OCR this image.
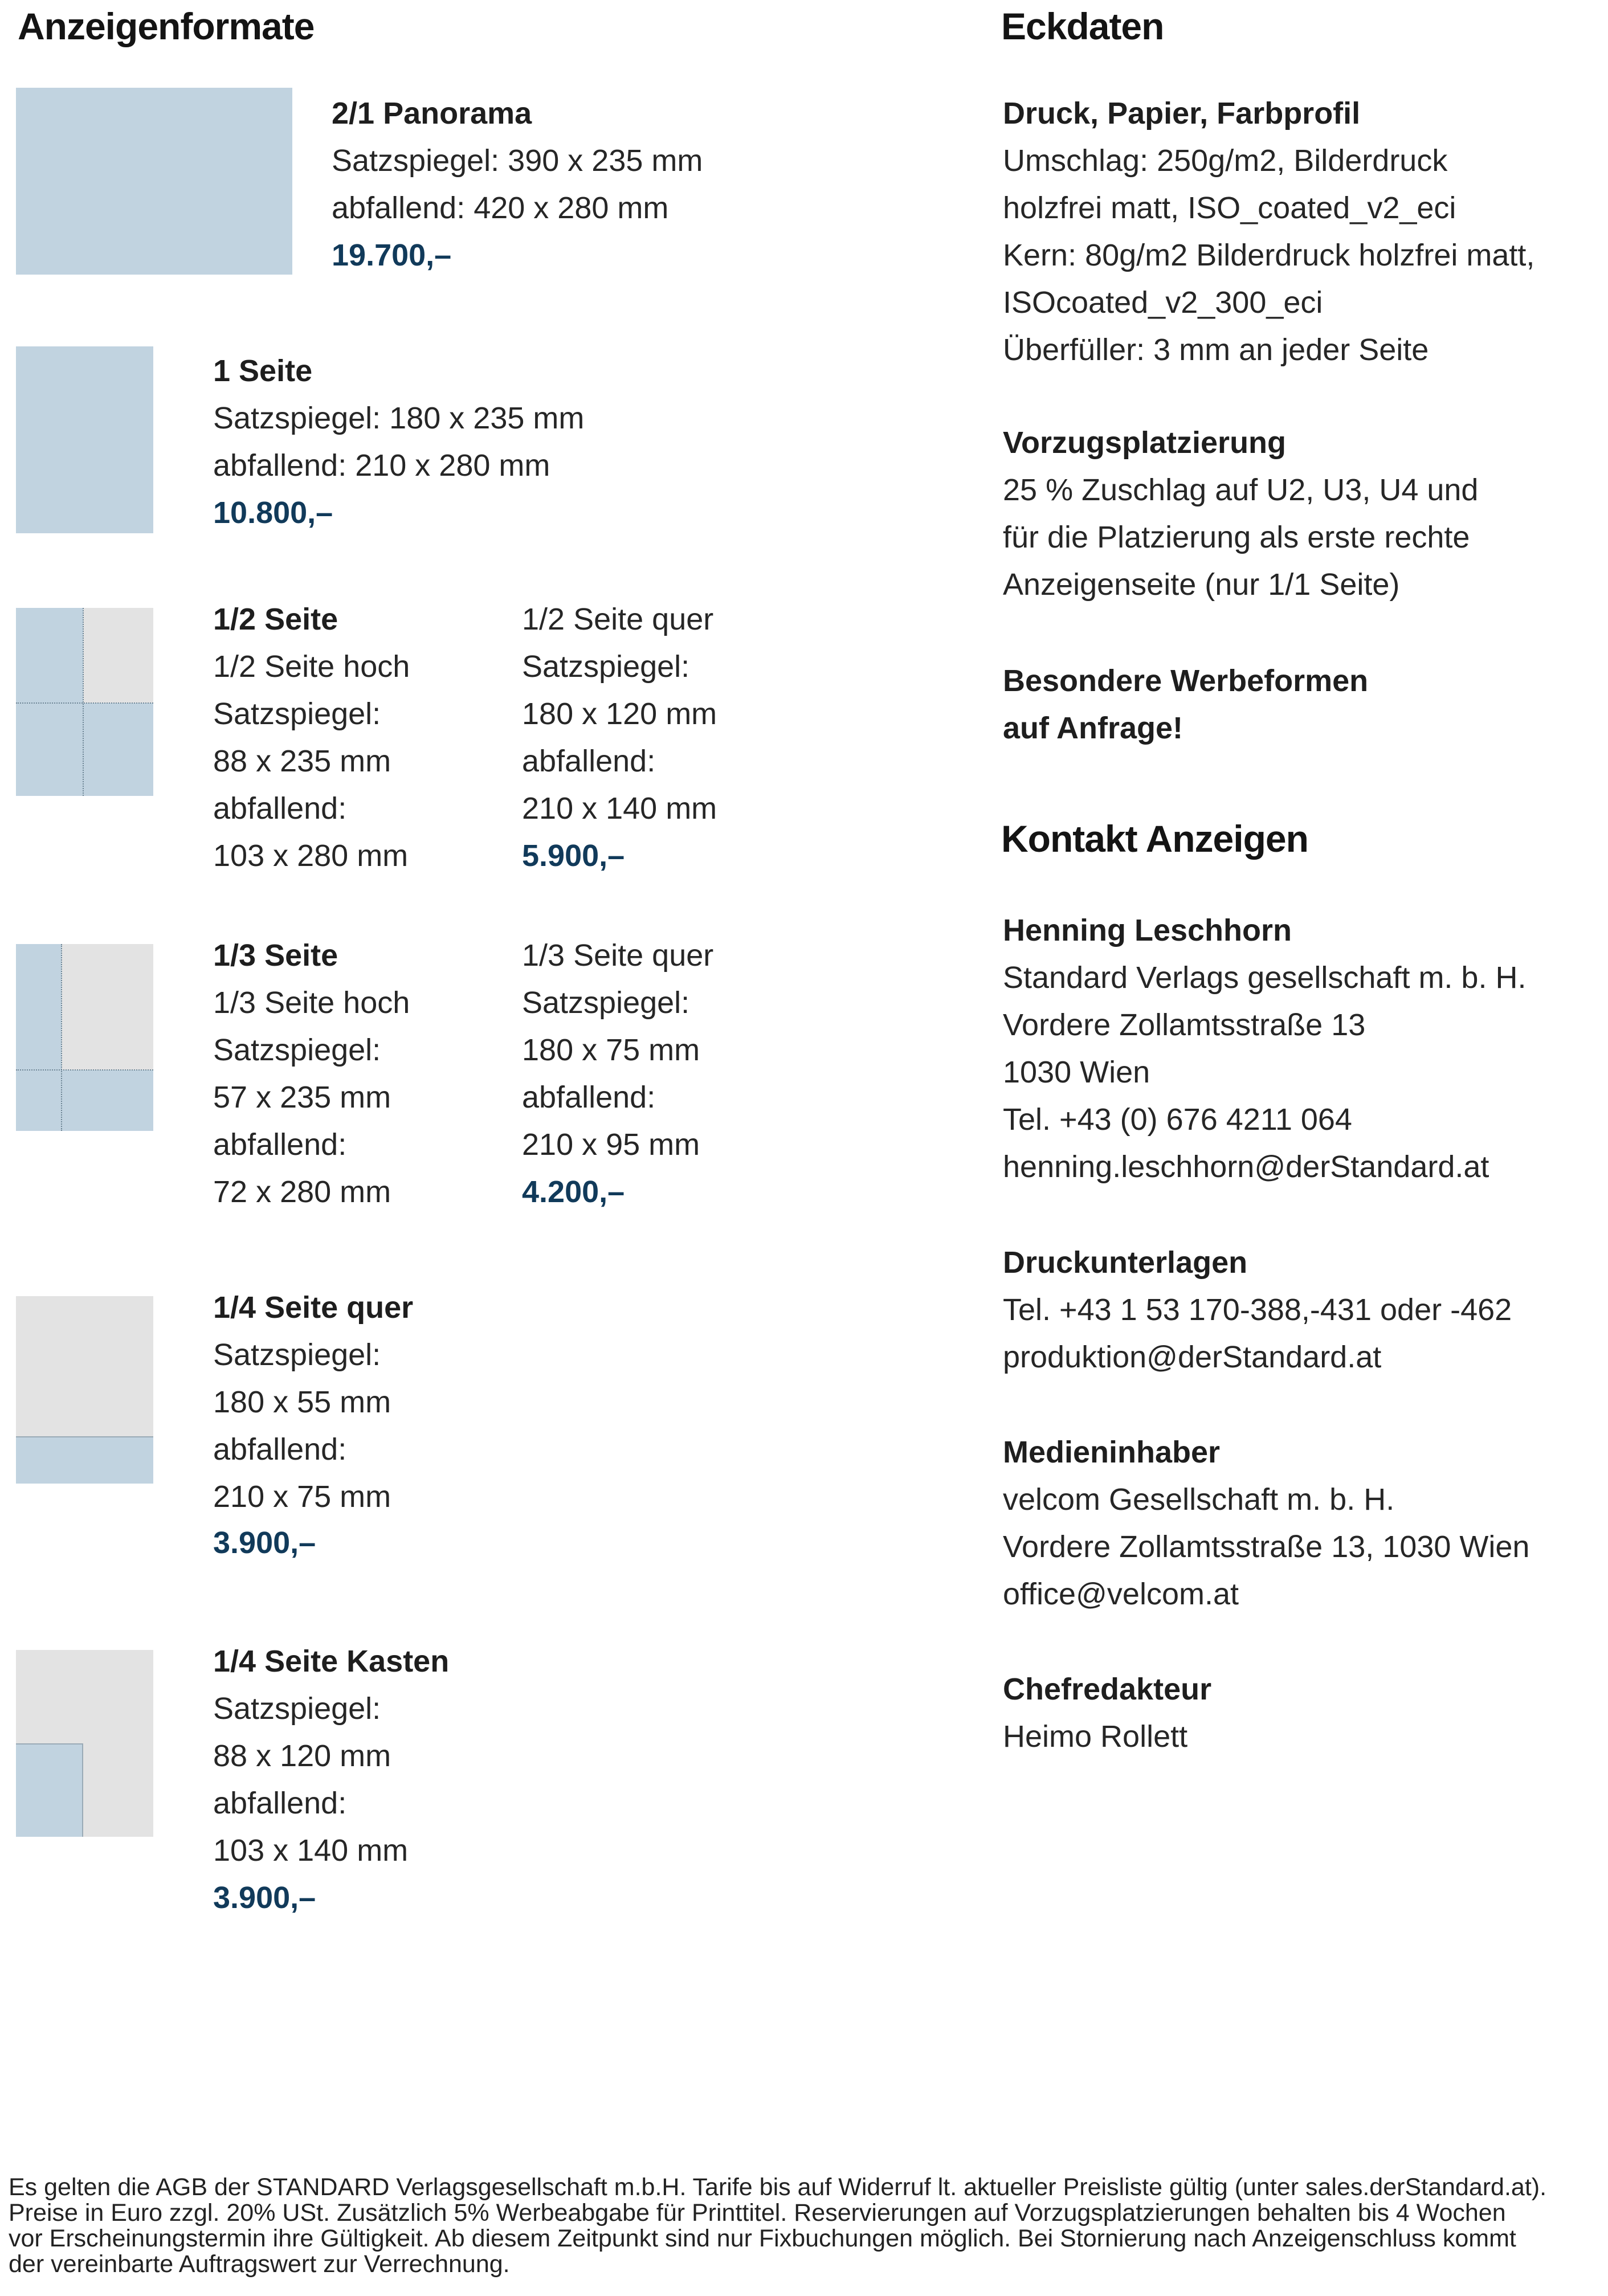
Anzeigenformate	Eckdaten
2/1 Panorama
Satzspiegel: 390 x 235 mm
abfallend: 420 x 280 mm
19.700,–
1 Seite
Satzspiegel: 180 x 235 mm
abfallend: 210 x 280 mm
10.800,–
1/2 Seite
1/2 Seite hoch
Satzspiegel:
88 x 235 mm
abfallend:
103 x 280 mm
1/2 Seite quer
Satzspiegel:
180 x 120 mm
abfallend:
210 x 140 mm
5.900,–
1/3 Seite
1/3 Seite hoch
Satzspiegel:
57 x 235 mm
abfallend:
72 x 280 mm
1/3 Seite quer
Satzspiegel:
180 x 75 mm
abfallend:
210 x 95 mm
4.200,–
1/4 Seite quer
Satzspiegel:
180 x 55 mm
abfallend:
210 x 75 mm
3.900,–
1/4 Seite Kasten
Satzspiegel:
88 x 120 mm
abfallend:
103 x 140 mm
3.900,–
Druck, Papier, Farbprofil
Umschlag: 250g/m2, Bilderdruck
holzfrei matt, ISO_coated_v2_eci
Kern: 80g/m2 Bilderdruck holzfrei matt,
ISOcoated_v2_300_eci
Überfüller: 3 mm an jeder Seite
Vorzugsplatzierung
25 % Zuschlag auf U2, U3, U4 und
für die Platzierung als erste rechte
Anzeigenseite (nur 1/1 Seite)
Besondere Werbeformen
auf Anfrage!
Kontakt Anzeigen
Henning Leschhorn
Standard Verlags gesellschaft m. b. H.
Vordere Zollamtsstraße 13
1030 Wien
Tel. +43 (0) 676 4211 064
henning.leschhorn@derStandard.at
Druckunterlagen
Tel. +43 1 53 170-388,-431 oder -462
produktion@derStandard.at
Medieninhaber
velcom Gesellschaft m. b. H.
Vordere Zollamtsstraße 13, 1030 Wien
office@velcom.at
Chefredakteur
Heimo Rollett
Es gelten die AGB der STANDARD Verlagsgesellschaft m.b.H. Tarife bis auf Widerruf lt. aktueller Preisliste gültig (unter sales.derStandard.at).
Preise in Euro zzgl. 20% USt. Zusätzlich 5% Werbeabgabe für Printtitel. Reservierungen auf Vorzugsplatzierungen behalten bis 4 Wochen
vor Erscheinungstermin ihre Gültigkeit. Ab diesem Zeitpunkt sind nur Fixbuchungen möglich. Bei Stornierung nach Anzeigenschluss kommt
der vereinbarte Auftragswert zur Verrechnung.
